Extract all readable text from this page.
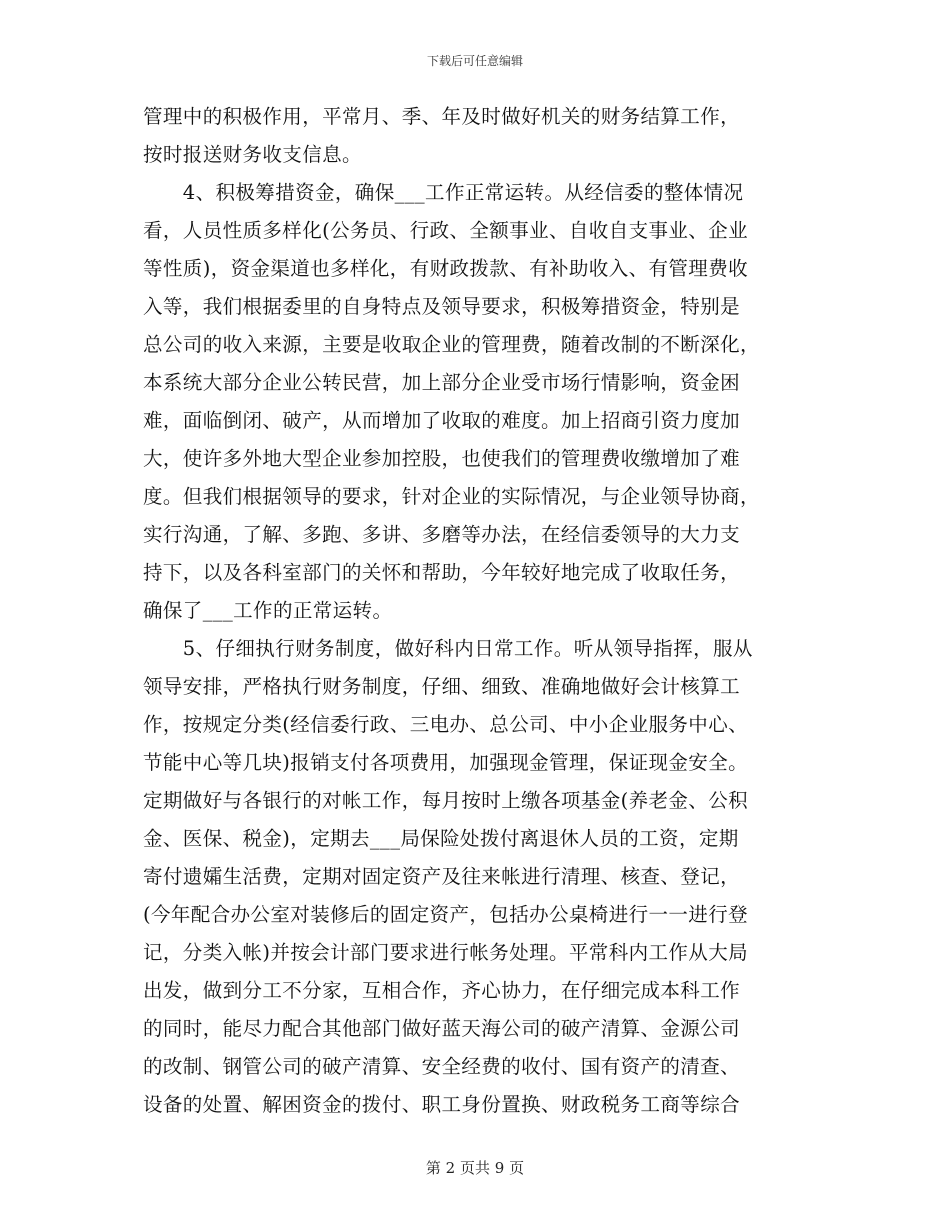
下载后可任意编辑
管理中的积极作用，平常月、季、年及时做好机关的财务结算工作，
按时报送财务收支信息。
　　4、积极筹措资金，确保___工作正常运转。从经信委的整体情况
看，人员性质多样化(公务员、行政、全额事业、自收自支事业、企业
等性质)，资金渠道也多样化，有财政拨款、有补助收入、有管理费收
入等，我们根据委里的自身特点及领导要求，积极筹措资金，特别是
总公司的收入来源，主要是收取企业的管理费，随着改制的不断深化，
本系统大部分企业公转民营，加上部分企业受市场行情影响，资金困
难，面临倒闭、破产，从而增加了收取的难度。加上招商引资力度加
大，使许多外地大型企业参加控股，也使我们的管理费收缴增加了难
度。但我们根据领导的要求，针对企业的实际情况，与企业领导协商，
实行沟通，了解、多跑、多讲、多磨等办法，在经信委领导的大力支
持下，以及各科室部门的关怀和帮助，今年较好地完成了收取任务，
确保了___工作的正常运转。
　　5、仔细执行财务制度，做好科内日常工作。听从领导指挥，服从
领导安排，严格执行财务制度，仔细、细致、准确地做好会计核算工
作，按规定分类(经信委行政、三电办、总公司、中小企业服务中心、
节能中心等几块)报销支付各项费用，加强现金管理，保证现金安全。
定期做好与各银行的对帐工作，每月按时上缴各项基金(养老金、公积
金、医保、税金)，定期去___局保险处拨付离退休人员的工资，定期
寄付遗孀生活费，定期对固定资产及往来帐进行清理、核查、登记，
(今年配合办公室对装修后的固定资产，包括办公桌椅进行一一进行登
记，分类入帐)并按会计部门要求进行帐务处理。平常科内工作从大局
出发，做到分工不分家，互相合作，齐心协力，在仔细完成本科工作
的同时，能尽力配合其他部门做好蓝天海公司的破产清算、金源公司
的改制、钢管公司的破产清算、安全经费的收付、国有资产的清查、
设备的处置、解困资金的拨付、职工身份置换、财政税务工商等综合
第 2 页共 9 页
